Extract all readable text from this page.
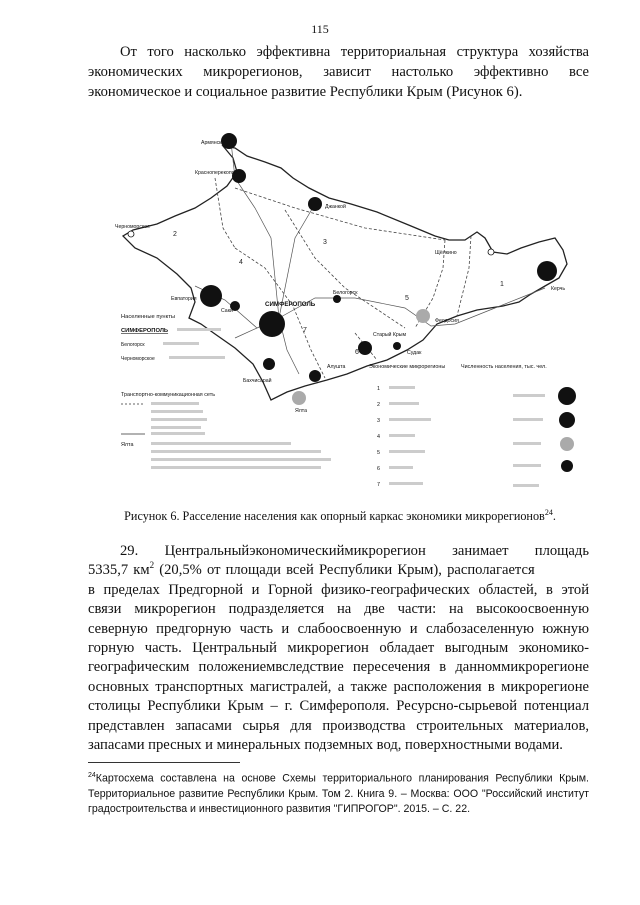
115
От того насколько эффективна территориальная структура хозяйства
экономических микрорегионов, зависит настолько эффективно все
экономическое и социальное развитие Республики Крым (Рисунок 6).
1
2
3
4
5
6
7
Армянск
Красноперекопск
Джанкой
Черноморское
Щёлкино
Керчь
Евпатория
Саки
СИМФЕРОПОЛЬ
Белогорск
Старый Крым
Феодосия
Судак
Алушта
Бахчисарай
Ялта
Населенные пункты
СИМФЕРОПОЛЬ
Белогорск
Черноморское
Транспортно-коммуникационная сеть
Ялта
Экономические микрорегионы
1
2
3
4
5
6
7
Численность населения, тыс. чел.
Рисунок 6. Расселение населения как опорный каркас экономики микрорегионов$^{24}$.
29. Центральныйэкономическиймикрорегион занимает площадь
5335,7 $км^2$ (20,5% от площади всей Республики Крым), располагается
в пределах Предгорной и Горной физико-географических областей, в этой
связи микрорегион подразделяется на две части: на высокоосвоенную
северную предгорную часть и слабоосвоенную и слабозаселенную южную
горную часть. Центральный микрорегион обладает выгодным экономико-
географическим положениемвследствие пересечения в данноммикрорегионе
основных транспортных магистралей, а также расположения в микрорегионе
столицы Республики Крым – г. Симферополя. Ресурсно-сырьевой потенциал
представлен запасами сырья для производства строительных материалов,
запасами пресных и минеральных подземных вод, поверхностными водами.
$^{24}$Картосхема составлена на основе Схемы территориального планирования Республики Крым.
Территориальное развитие Республики Крым. Том 2. Книга 9. – Москва: ООО "Российский институт
градостроительства и инвестиционного развития "ГИПРОГОР". 2015. – С. 22.
